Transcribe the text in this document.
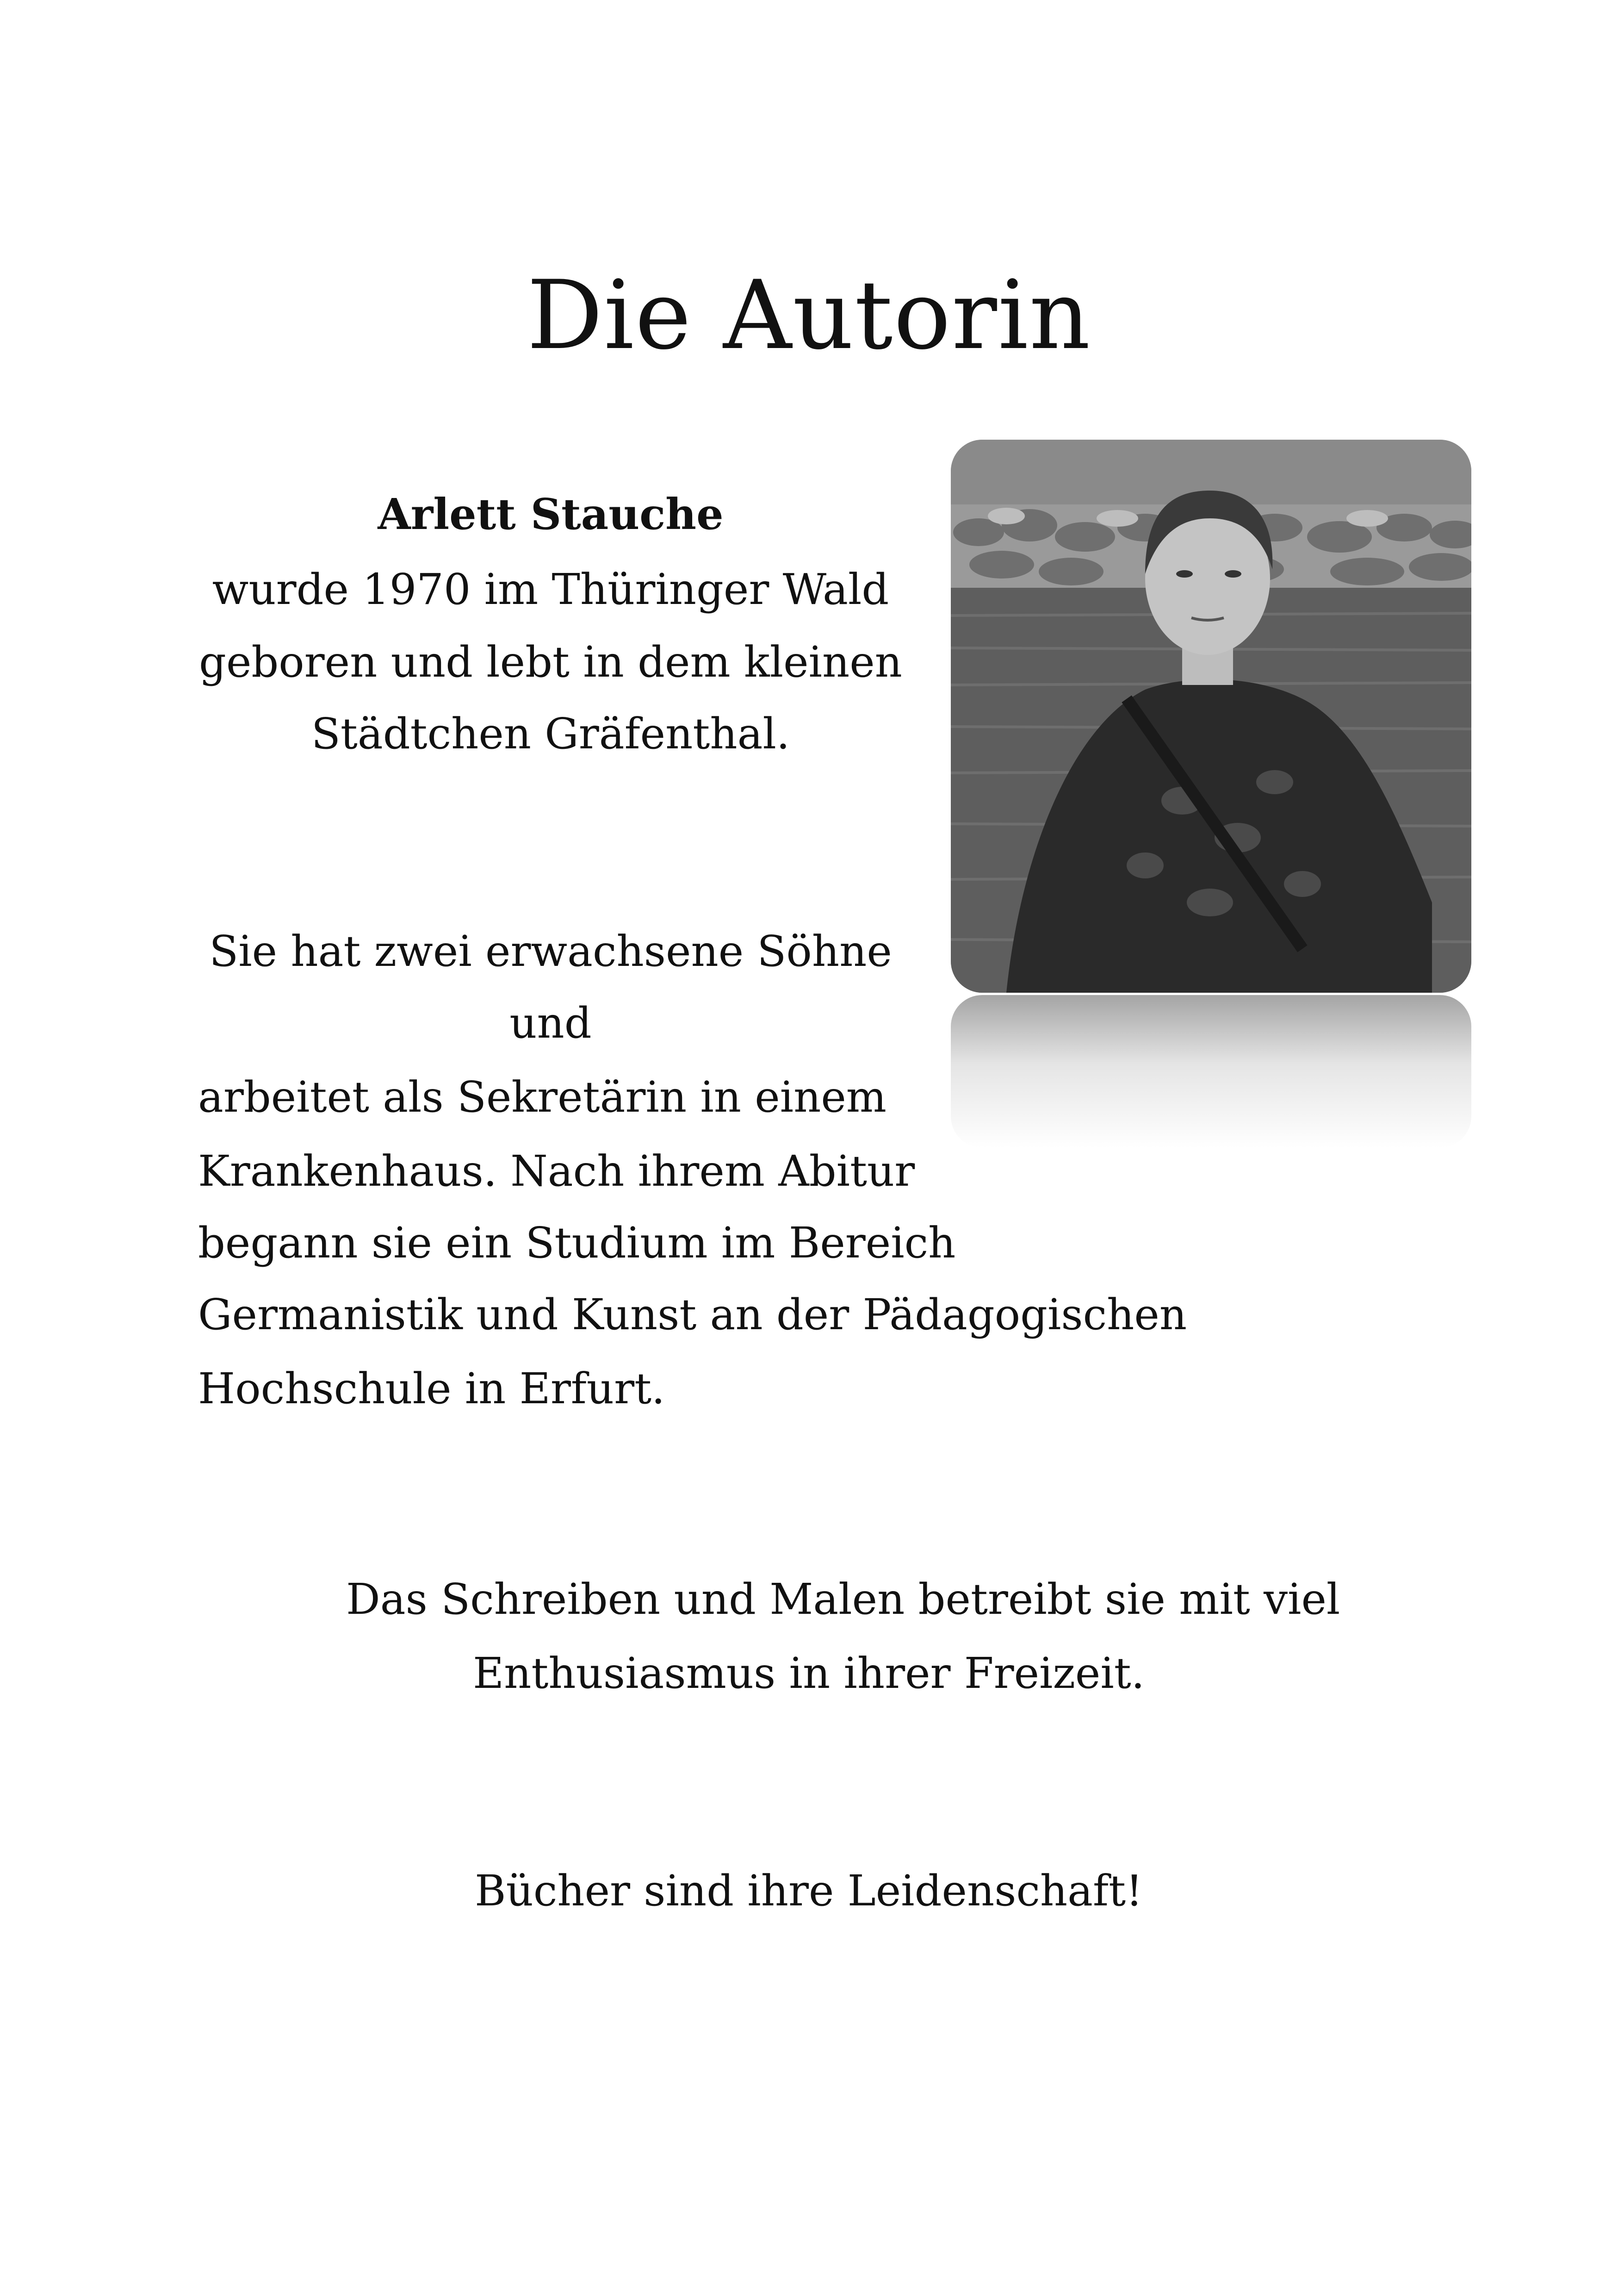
Die Autorin
Arlett Stauche
wurde 1970 im Thüringer Wald
geboren und lebt in dem kleinen
Städtchen Gräfenthal.
Sie hat zwei erwachsene Söhne
und
arbeitet als Sekretärin in einem
Krankenhaus. Nach ihrem Abitur
begann sie ein Studium im Bereich
Germanistik und Kunst an der Pädagogischen
Hochschule in Erfurt.
Das Schreiben und Malen betreibt sie mit viel
Enthusiasmus in ihrer Freizeit.
Bücher sind ihre Leidenschaft!
